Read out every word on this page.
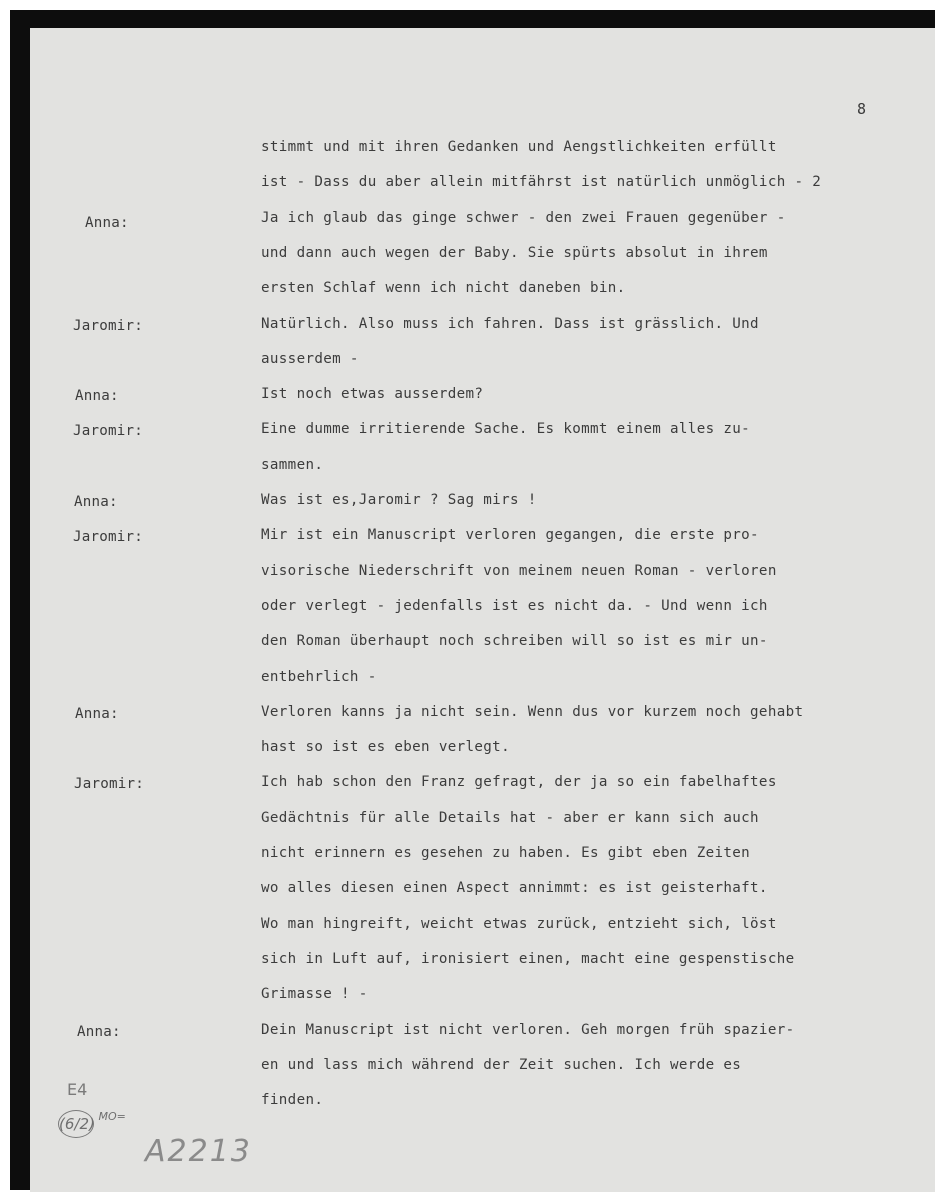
8
stimmt und mit ihren Gedanken und Aengstlichkeiten erfüllt
ist - Dass du aber allein mitfährst ist natürlich unmöglich - 2
Anna:	Ja ich glaub das ginge schwer - den zwei Frauen gegenüber -
und dann auch wegen der Baby. Sie spürts absolut in ihrem
ersten Schlaf wenn ich nicht daneben bin.
Jaromir:	Natürlich. Also muss ich fahren. Dass ist grässlich. Und
ausserdem -
Anna:	Ist noch etwas ausserdem?
Jaromir:	Eine dumme irritierende Sache. Es kommt einem alles zu-
sammen.
Anna:	Was ist es,Jaromir ? Sag mirs !
Jaromir:	Mir ist ein Manuscript verloren gegangen, die erste pro-
visorische Niederschrift von meinem neuen Roman - verloren
oder verlegt - jedenfalls ist es nicht da. - Und wenn ich
den Roman überhaupt noch schreiben will so ist es mir un-
entbehrlich -
Anna:	Verloren kanns ja nicht sein. Wenn dus vor kurzem noch gehabt
hast so ist es eben verlegt.
Jaromir:	Ich hab schon den Franz gefragt, der ja so ein fabelhaftes
Gedächtnis für alle Details hat - aber er kann sich auch
nicht erinnern es gesehen zu haben. Es gibt eben Zeiten
wo alles diesen einen Aspect annimmt: es ist geisterhaft.
Wo man hingreift, weicht etwas zurück, entzieht sich, löst
sich in Luft auf, ironisiert einen, macht eine gespenstische
Grimasse ! -
Anna:	Dein Manuscript ist nicht verloren. Geh morgen früh spazier-
en und lass mich während der Zeit suchen. Ich werde es
finden.
E4
(6/2) $^{MO=}$
A2213
